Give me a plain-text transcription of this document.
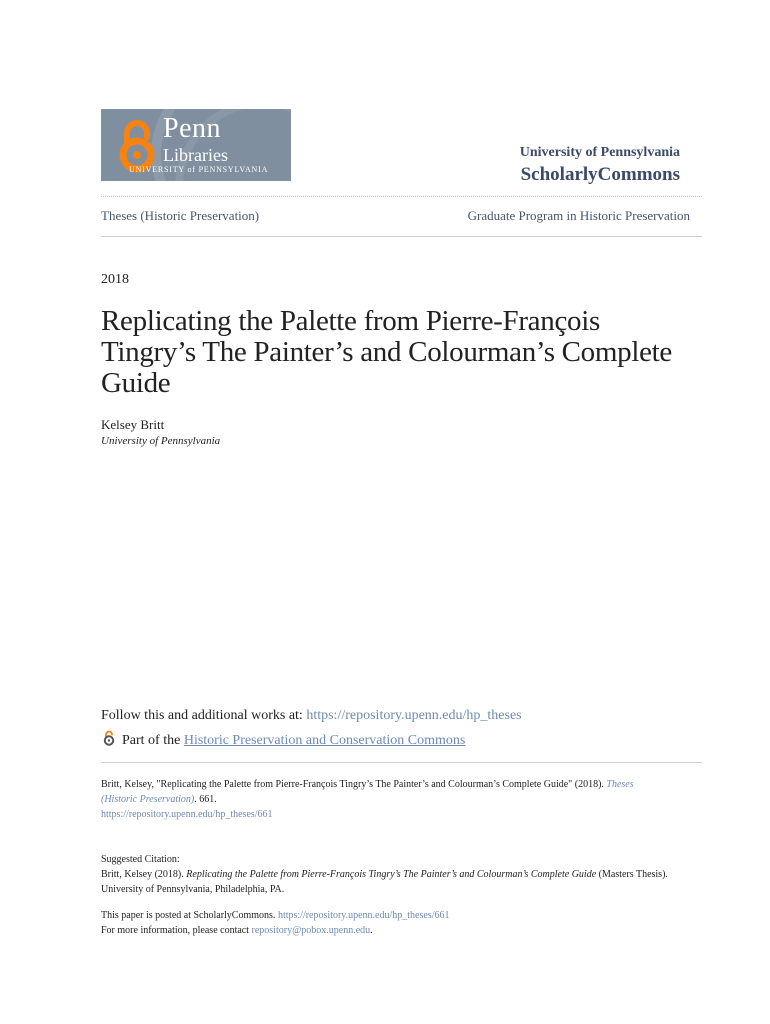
Penn
Libraries
UNIVERSITY of PENNSYLVANIA
University of Pennsylvania
ScholarlyCommons
Theses (Historic Preservation)	Graduate Program in Historic Preservation
2018
Replicating the Palette from Pierre-François Tingry’s The Painter’s and Colourman’s Complete Guide
Kelsey Britt
University of Pennsylvania
Follow this and additional works at: https://repository.upenn.edu/hp_theses
Part of the Historic Preservation and Conservation Commons
Britt, Kelsey, "Replicating the Palette from Pierre-François Tingry’s The Painter’s and Colourman’s Complete Guide" (2018). Theses (Historic Preservation). 661.
https://repository.upenn.edu/hp_theses/661
Suggested Citation:
Britt, Kelsey (2018). Replicating the Palette from Pierre-François Tingry’s The Painter’s and Colourman’s Complete Guide (Masters Thesis). University of Pennsylvania, Philadelphia, PA.
This paper is posted at ScholarlyCommons. https://repository.upenn.edu/hp_theses/661
For more information, please contact repository@pobox.upenn.edu.
